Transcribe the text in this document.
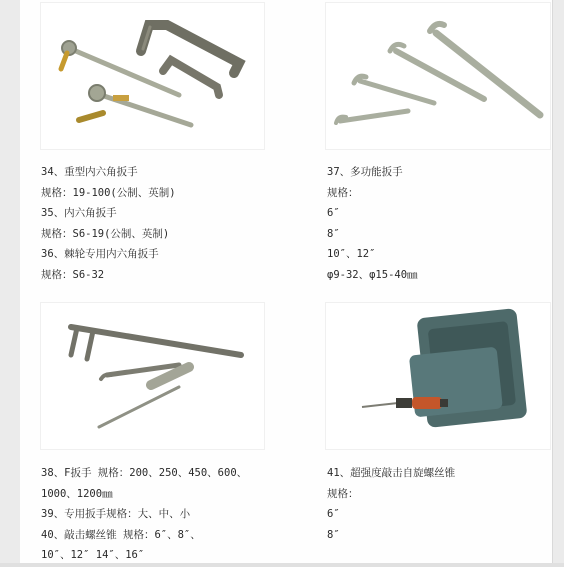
34、重型内六角扳手
规格：19-100(公制、英制)
35、内六角扳手
规格：S6-19(公制、英制)
36、棘轮专用内六角扳手
规格：S6-32
37、多功能扳手
规格：
6″
8″
10″、12″
φ9-32、φ15-40㎜
38、F扳手 规格：200、250、450、600、
1000、1200㎜
39、专用扳手规格：大、中、小
40、敲击螺丝锥 规格：6″、8″、
10″、12″ 14″、16″
41、超强度敲击自旋螺丝锥
规格：
6″
8″
